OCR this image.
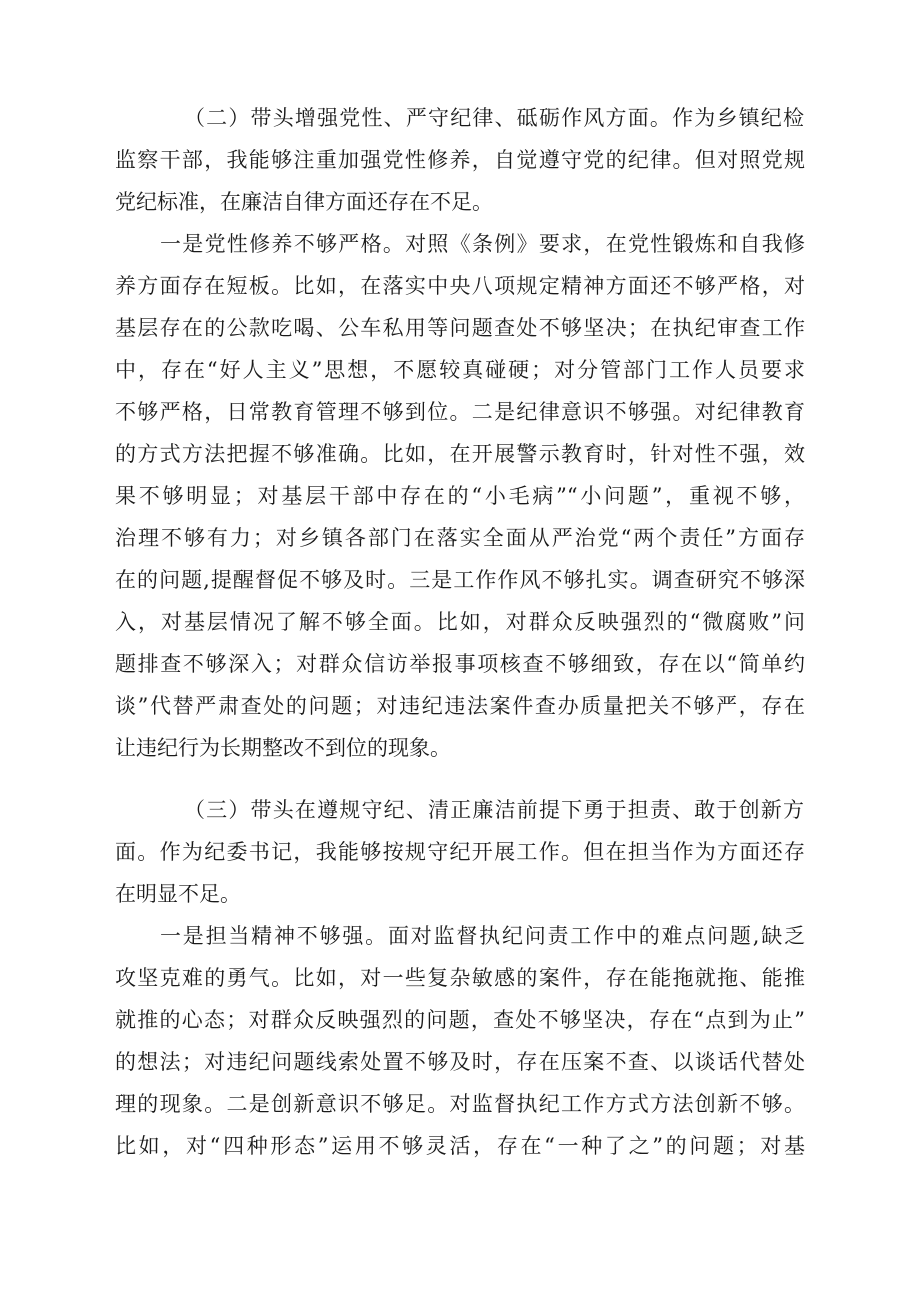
（二）带头增强党性、严守纪律、砥砺作风方面。作为乡镇纪检
监察干部，我能够注重加强党性修养，自觉遵守党的纪律。但对照党规
党纪标准，在廉洁自律方面还存在不足。
一是党性修养不够严格。对照《条例》要求，在党性锻炼和自我修
养方面存在短板。比如，在落实中央八项规定精神方面还不够严格，对
基层存在的公款吃喝、公车私用等问题查处不够坚决；在执纪审查工作
中，存在“好人主义”思想，不愿较真碰硬；对分管部门工作人员要求
不够严格，日常教育管理不够到位。二是纪律意识不够强。对纪律教育
的方式方法把握不够准确。比如，在开展警示教育时，针对性不强，效
果不够明显；对基层干部中存在的“小毛病”“小问题”，重视不够，
治理不够有力；对乡镇各部门在落实全面从严治党“两个责任”方面存
在的问题,提醒督促不够及时。三是工作作风不够扎实。调查研究不够深
入，对基层情况了解不够全面。比如，对群众反映强烈的“微腐败”问
题排查不够深入；对群众信访举报事项核查不够细致，存在以“简单约
谈”代替严肃查处的问题；对违纪违法案件查办质量把关不够严，存在
让违纪行为长期整改不到位的现象。
（三）带头在遵规守纪、清正廉洁前提下勇于担责、敢于创新方
面。作为纪委书记，我能够按规守纪开展工作。但在担当作为方面还存
在明显不足。
一是担当精神不够强。面对监督执纪问责工作中的难点问题,缺乏
攻坚克难的勇气。比如，对一些复杂敏感的案件，存在能拖就拖、能推
就推的心态；对群众反映强烈的问题，查处不够坚决，存在“点到为止”
的想法；对违纪问题线索处置不够及时，存在压案不查、以谈话代替处
理的现象。二是创新意识不够足。对监督执纪工作方式方法创新不够。
比如，对“四种形态”运用不够灵活，存在“一种了之”的问题；对基
